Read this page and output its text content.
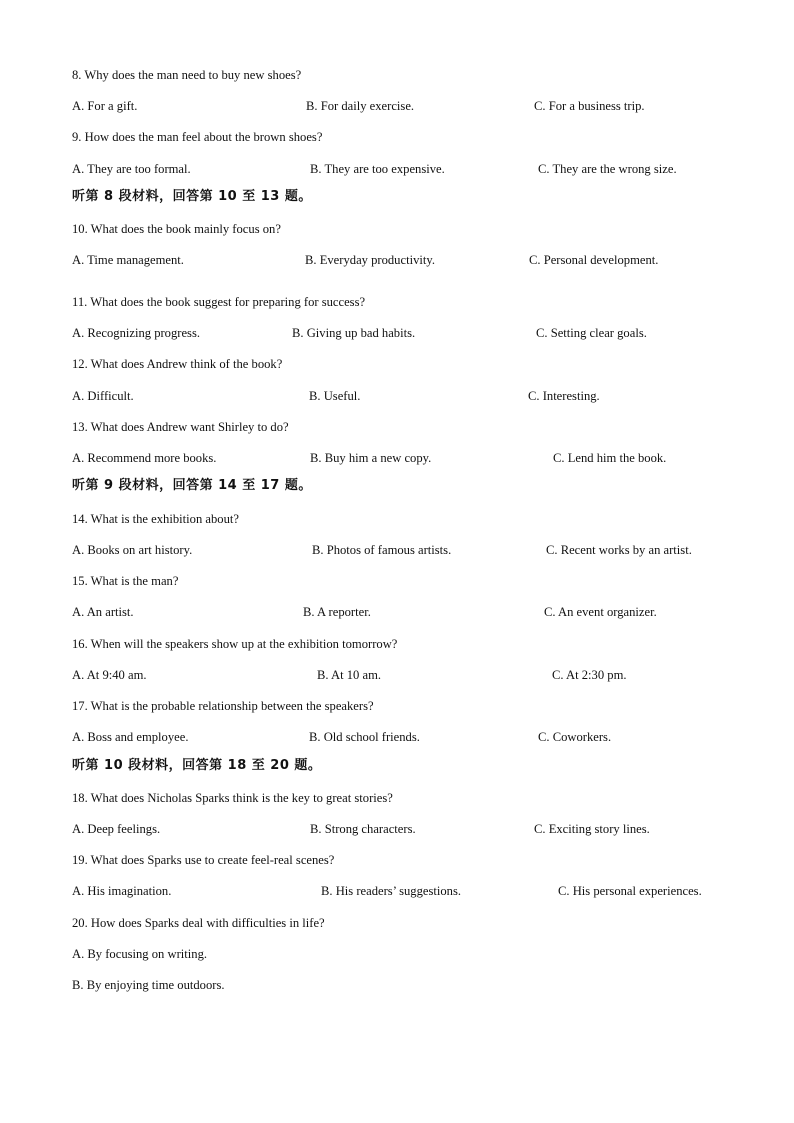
8. Why does the man need to buy new shoes?
A. For a gift.	B. For daily exercise.	C. For a business trip.
9. How does the man feel about the brown shoes?
A. They are too formal.	B. They are too expensive.	C. They are the wrong size.
听第 8 段材料，回答第 10 至 13 题。
10. What does the book mainly focus on?
A. Time management.	B. Everyday productivity.	C. Personal development.
11. What does the book suggest for preparing for success?
A. Recognizing progress.	B. Giving up bad habits.	C. Setting clear goals.
12. What does Andrew think of the book?
A. Difficult.	B. Useful.	C. Interesting.
13. What does Andrew want Shirley to do?
A. Recommend more books.	B. Buy him a new copy.	C. Lend him the book.
听第 9 段材料，回答第 14 至 17 题。
14. What is the exhibition about?
A. Books on art history.	B. Photos of famous artists.	C. Recent works by an artist.
15. What is the man?
A. An artist.	B. A reporter.	C. An event organizer.
16. When will the speakers show up at the exhibition tomorrow?
A. At 9:40 am.	B. At 10 am.	C. At 2:30 pm.
17. What is the probable relationship between the speakers?
A. Boss and employee.	B. Old school friends.	C. Coworkers.
听第 10 段材料，回答第 18 至 20 题。
18. What does Nicholas Sparks think is the key to great stories?
A. Deep feelings.	B. Strong characters.	C. Exciting story lines.
19. What does Sparks use to create feel-real scenes?
A. His imagination.	B. His readers’ suggestions.	C. His personal experiences.
20. How does Sparks deal with difficulties in life?
A. By focusing on writing.
B. By enjoying time outdoors.
